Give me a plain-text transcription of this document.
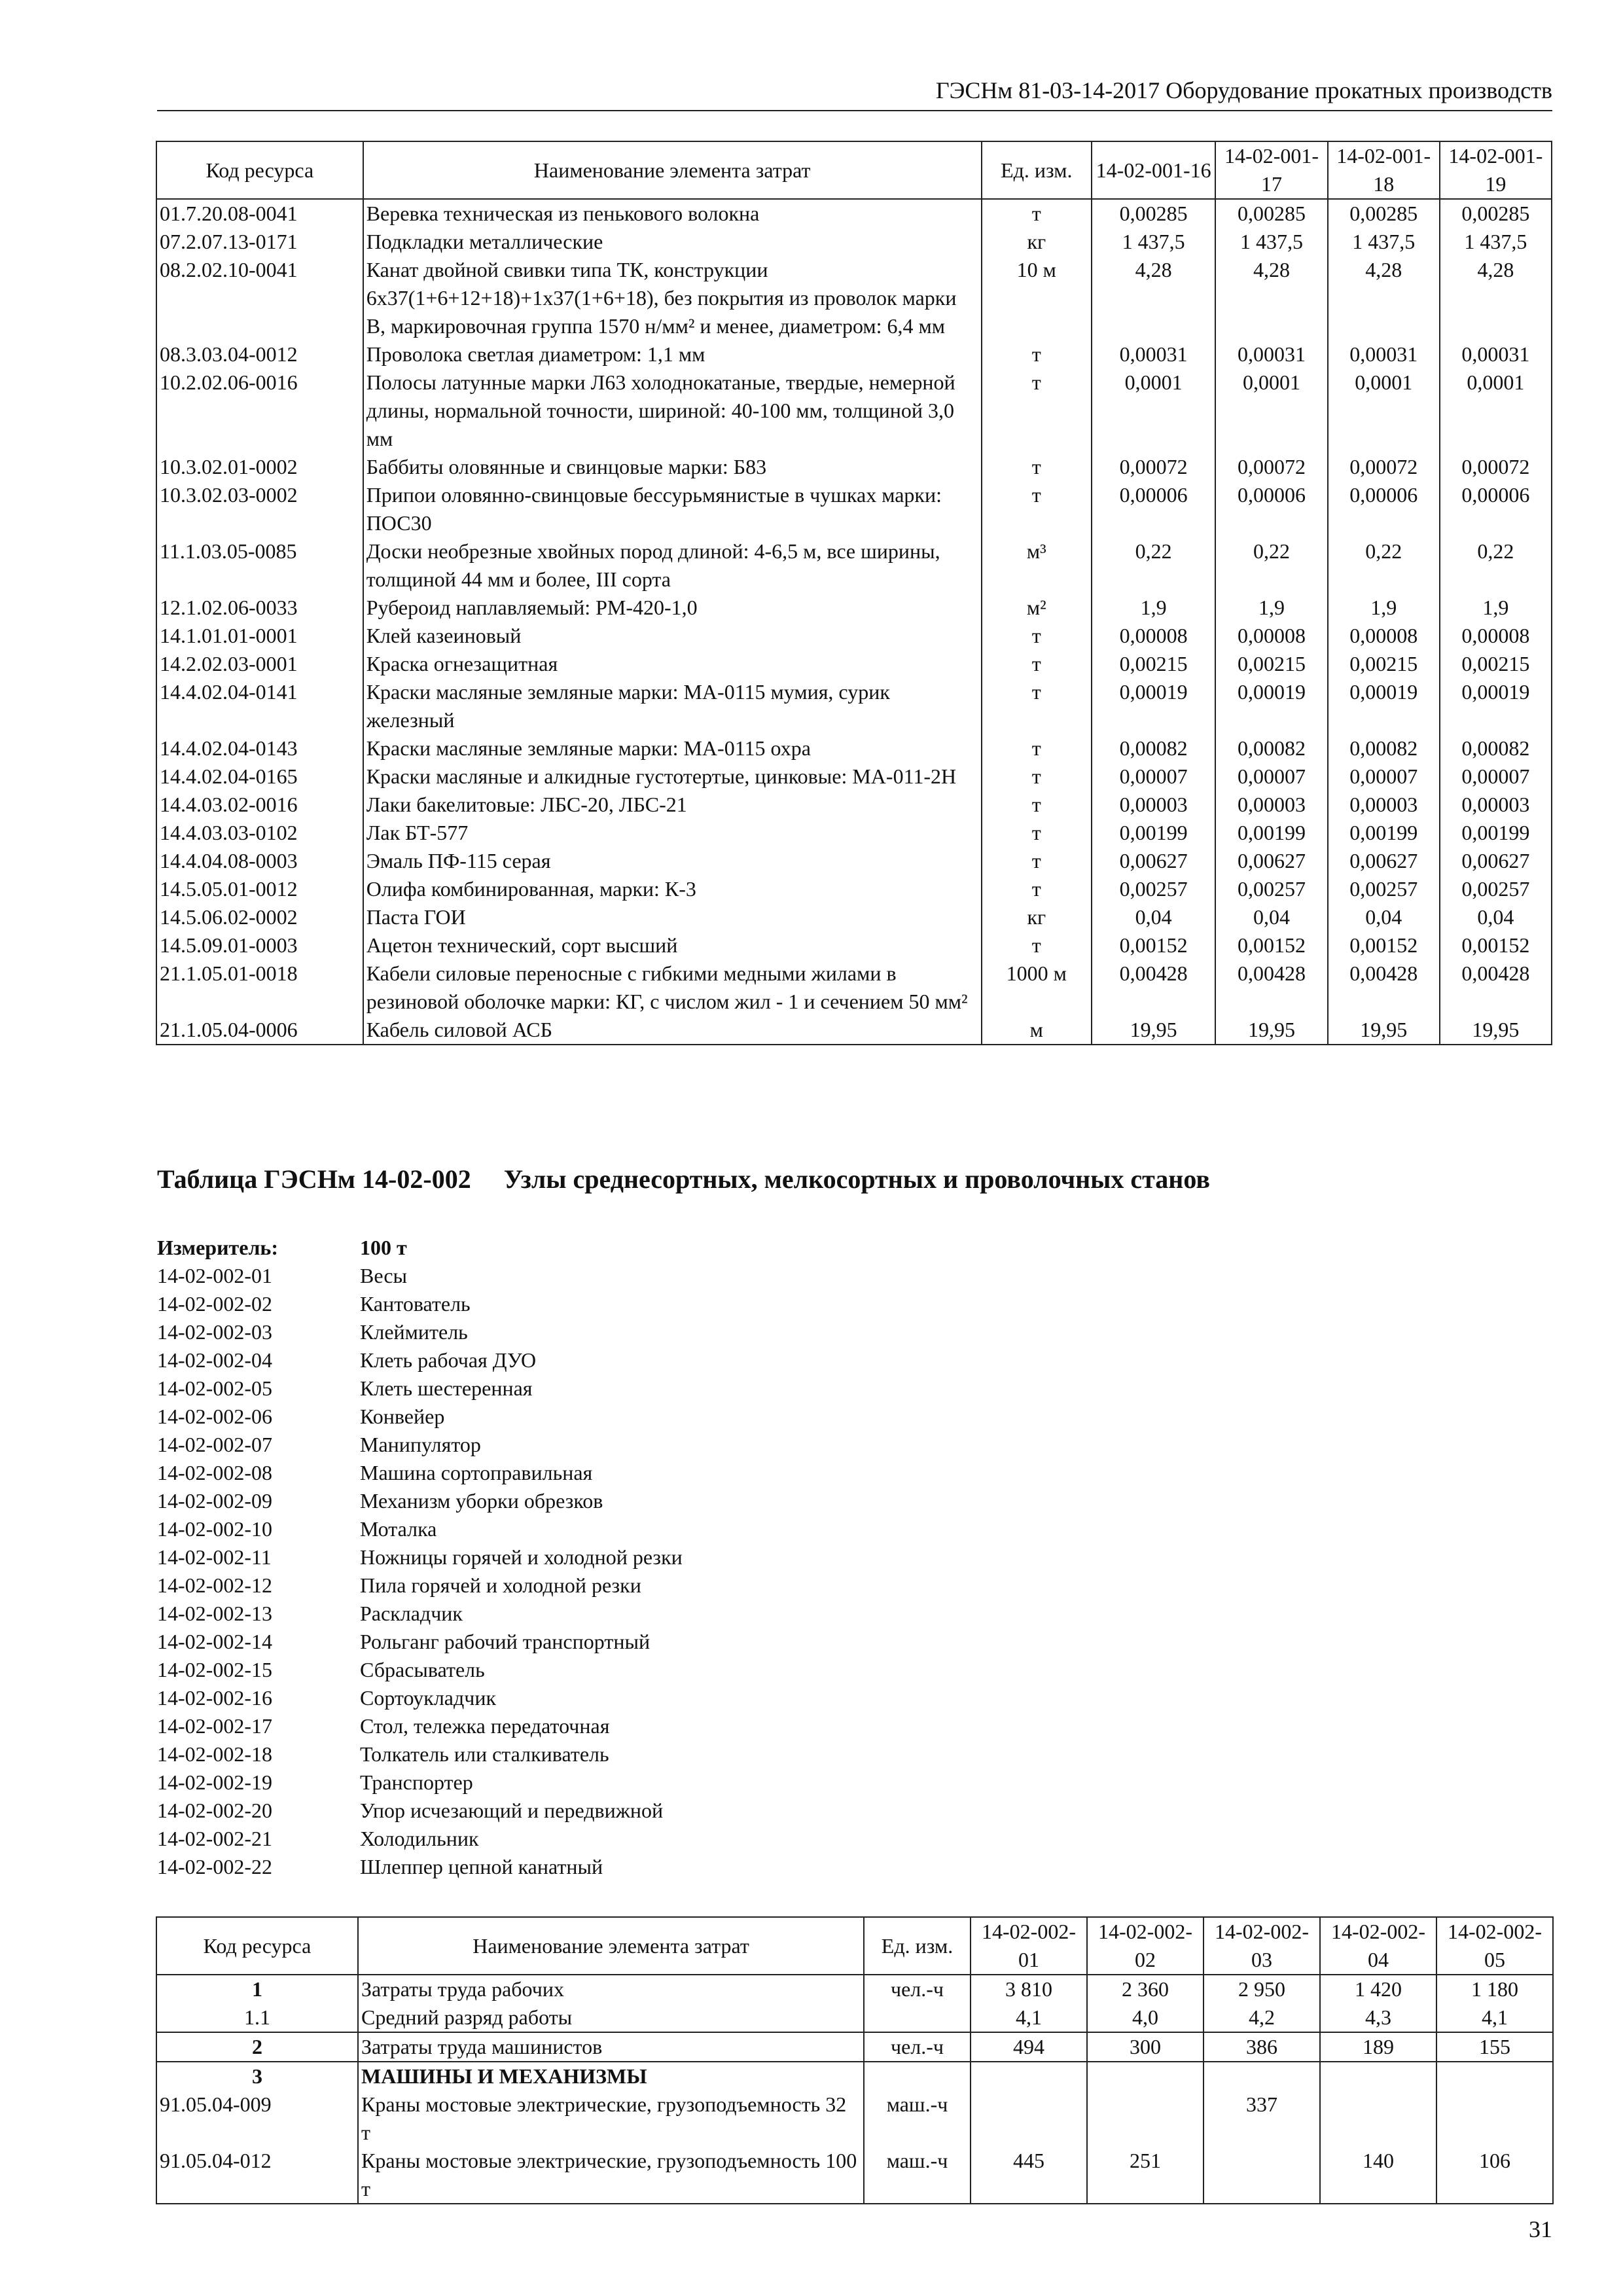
ГЭСНм 81-03-14-2017 Оборудование прокатных производств
Код ресурса	Наименование элемента затрат	Ед. изм.	14-02-001-16	14-02-001-17	14-02-001-18	14-02-001-19
01.7.20.08-0041	Веревка техническая из пенькового волокна	т	0,00285	0,00285	0,00285	0,00285
07.2.07.13-0171	Подкладки металлические	кг	1 437,5	1 437,5	1 437,5	1 437,5
08.2.02.10-0041	Канат двойной свивки типа ТК, конструкции 6х37(1+6+12+18)+1х37(1+6+18), без покрытия из проволок марки В, маркировочная группа 1570 н/мм² и менее, диаметром: 6,4 мм	10 м	4,28	4,28	4,28	4,28
08.3.03.04-0012	Проволока светлая диаметром: 1,1 мм	т	0,00031	0,00031	0,00031	0,00031
10.2.02.06-0016	Полосы латунные марки Л63 холоднокатаные, твердые, немерной длины, нормальной точности, шириной: 40-100 мм, толщиной 3,0 мм	т	0,0001	0,0001	0,0001	0,0001
10.3.02.01-0002	Баббиты оловянные и свинцовые марки: Б83	т	0,00072	0,00072	0,00072	0,00072
10.3.02.03-0002	Припои оловянно-свинцовые бессурьмянистые в чушках марки: ПОС30	т	0,00006	0,00006	0,00006	0,00006
11.1.03.05-0085	Доски необрезные хвойных пород длиной: 4-6,5 м, все ширины, толщиной 44 мм и более, III сорта	м³	0,22	0,22	0,22	0,22
12.1.02.06-0033	Рубероид наплавляемый: РМ-420-1,0	м²	1,9	1,9	1,9	1,9
14.1.01.01-0001	Клей казеиновый	т	0,00008	0,00008	0,00008	0,00008
14.2.02.03-0001	Краска огнезащитная	т	0,00215	0,00215	0,00215	0,00215
14.4.02.04-0141	Краски масляные земляные марки: МА-0115 мумия, сурик железный	т	0,00019	0,00019	0,00019	0,00019
14.4.02.04-0143	Краски масляные земляные марки: МА-0115 охра	т	0,00082	0,00082	0,00082	0,00082
14.4.02.04-0165	Краски масляные и алкидные густотертые, цинковые: МА-011-2Н	т	0,00007	0,00007	0,00007	0,00007
14.4.03.02-0016	Лаки бакелитовые: ЛБС-20, ЛБС-21	т	0,00003	0,00003	0,00003	0,00003
14.4.03.03-0102	Лак БТ-577	т	0,00199	0,00199	0,00199	0,00199
14.4.04.08-0003	Эмаль ПФ-115 серая	т	0,00627	0,00627	0,00627	0,00627
14.5.05.01-0012	Олифа комбинированная, марки: К-3	т	0,00257	0,00257	0,00257	0,00257
14.5.06.02-0002	Паста ГОИ	кг	0,04	0,04	0,04	0,04
14.5.09.01-0003	Ацетон технический, сорт высший	т	0,00152	0,00152	0,00152	0,00152
21.1.05.01-0018	Кабели силовые переносные с гибкими медными жилами в резиновой оболочке марки: КГ, с числом жил - 1 и сечением 50 мм²	1000 м	0,00428	0,00428	0,00428	0,00428
21.1.05.04-0006	Кабель силовой АСБ	м	19,95	19,95	19,95	19,95
Таблица ГЭСНм 14-02-002     Узлы среднесортных, мелкосортных и проволочных станов
Измеритель:	100 т
14-02-002-01	Весы
14-02-002-02	Кантователь
14-02-002-03	Клеймитель
14-02-002-04	Клеть рабочая ДУО
14-02-002-05	Клеть шестеренная
14-02-002-06	Конвейер
14-02-002-07	Манипулятор
14-02-002-08	Машина сортоправильная
14-02-002-09	Механизм уборки обрезков
14-02-002-10	Моталка
14-02-002-11	Ножницы горячей и холодной резки
14-02-002-12	Пила горячей и холодной резки
14-02-002-13	Раскладчик
14-02-002-14	Рольганг рабочий транспортный
14-02-002-15	Сбрасыватель
14-02-002-16	Сортоукладчик
14-02-002-17	Стол, тележка передаточная
14-02-002-18	Толкатель или сталкиватель
14-02-002-19	Транспортер
14-02-002-20	Упор исчезающий и передвижной
14-02-002-21	Холодильник
14-02-002-22	Шлеппер цепной канатный
Код ресурса	Наименование элемента затрат	Ед. изм.	14-02-002-01	14-02-002-02	14-02-002-03	14-02-002-04	14-02-002-05
1	Затраты труда рабочих	чел.-ч	3 810	2 360	2 950	1 420	1 180
1.1	Средний разряд работы		4,1	4,0	4,2	4,3	4,1
2	Затраты труда машинистов	чел.-ч	494	300	386	189	155
3	МАШИНЫ И МЕХАНИЗМЫ						
91.05.04-009	Краны мостовые электрические, грузоподъемность 32 т	маш.-ч			337		
91.05.04-012	Краны мостовые электрические, грузоподъемность 100 т	маш.-ч	445	251		140	106
31
